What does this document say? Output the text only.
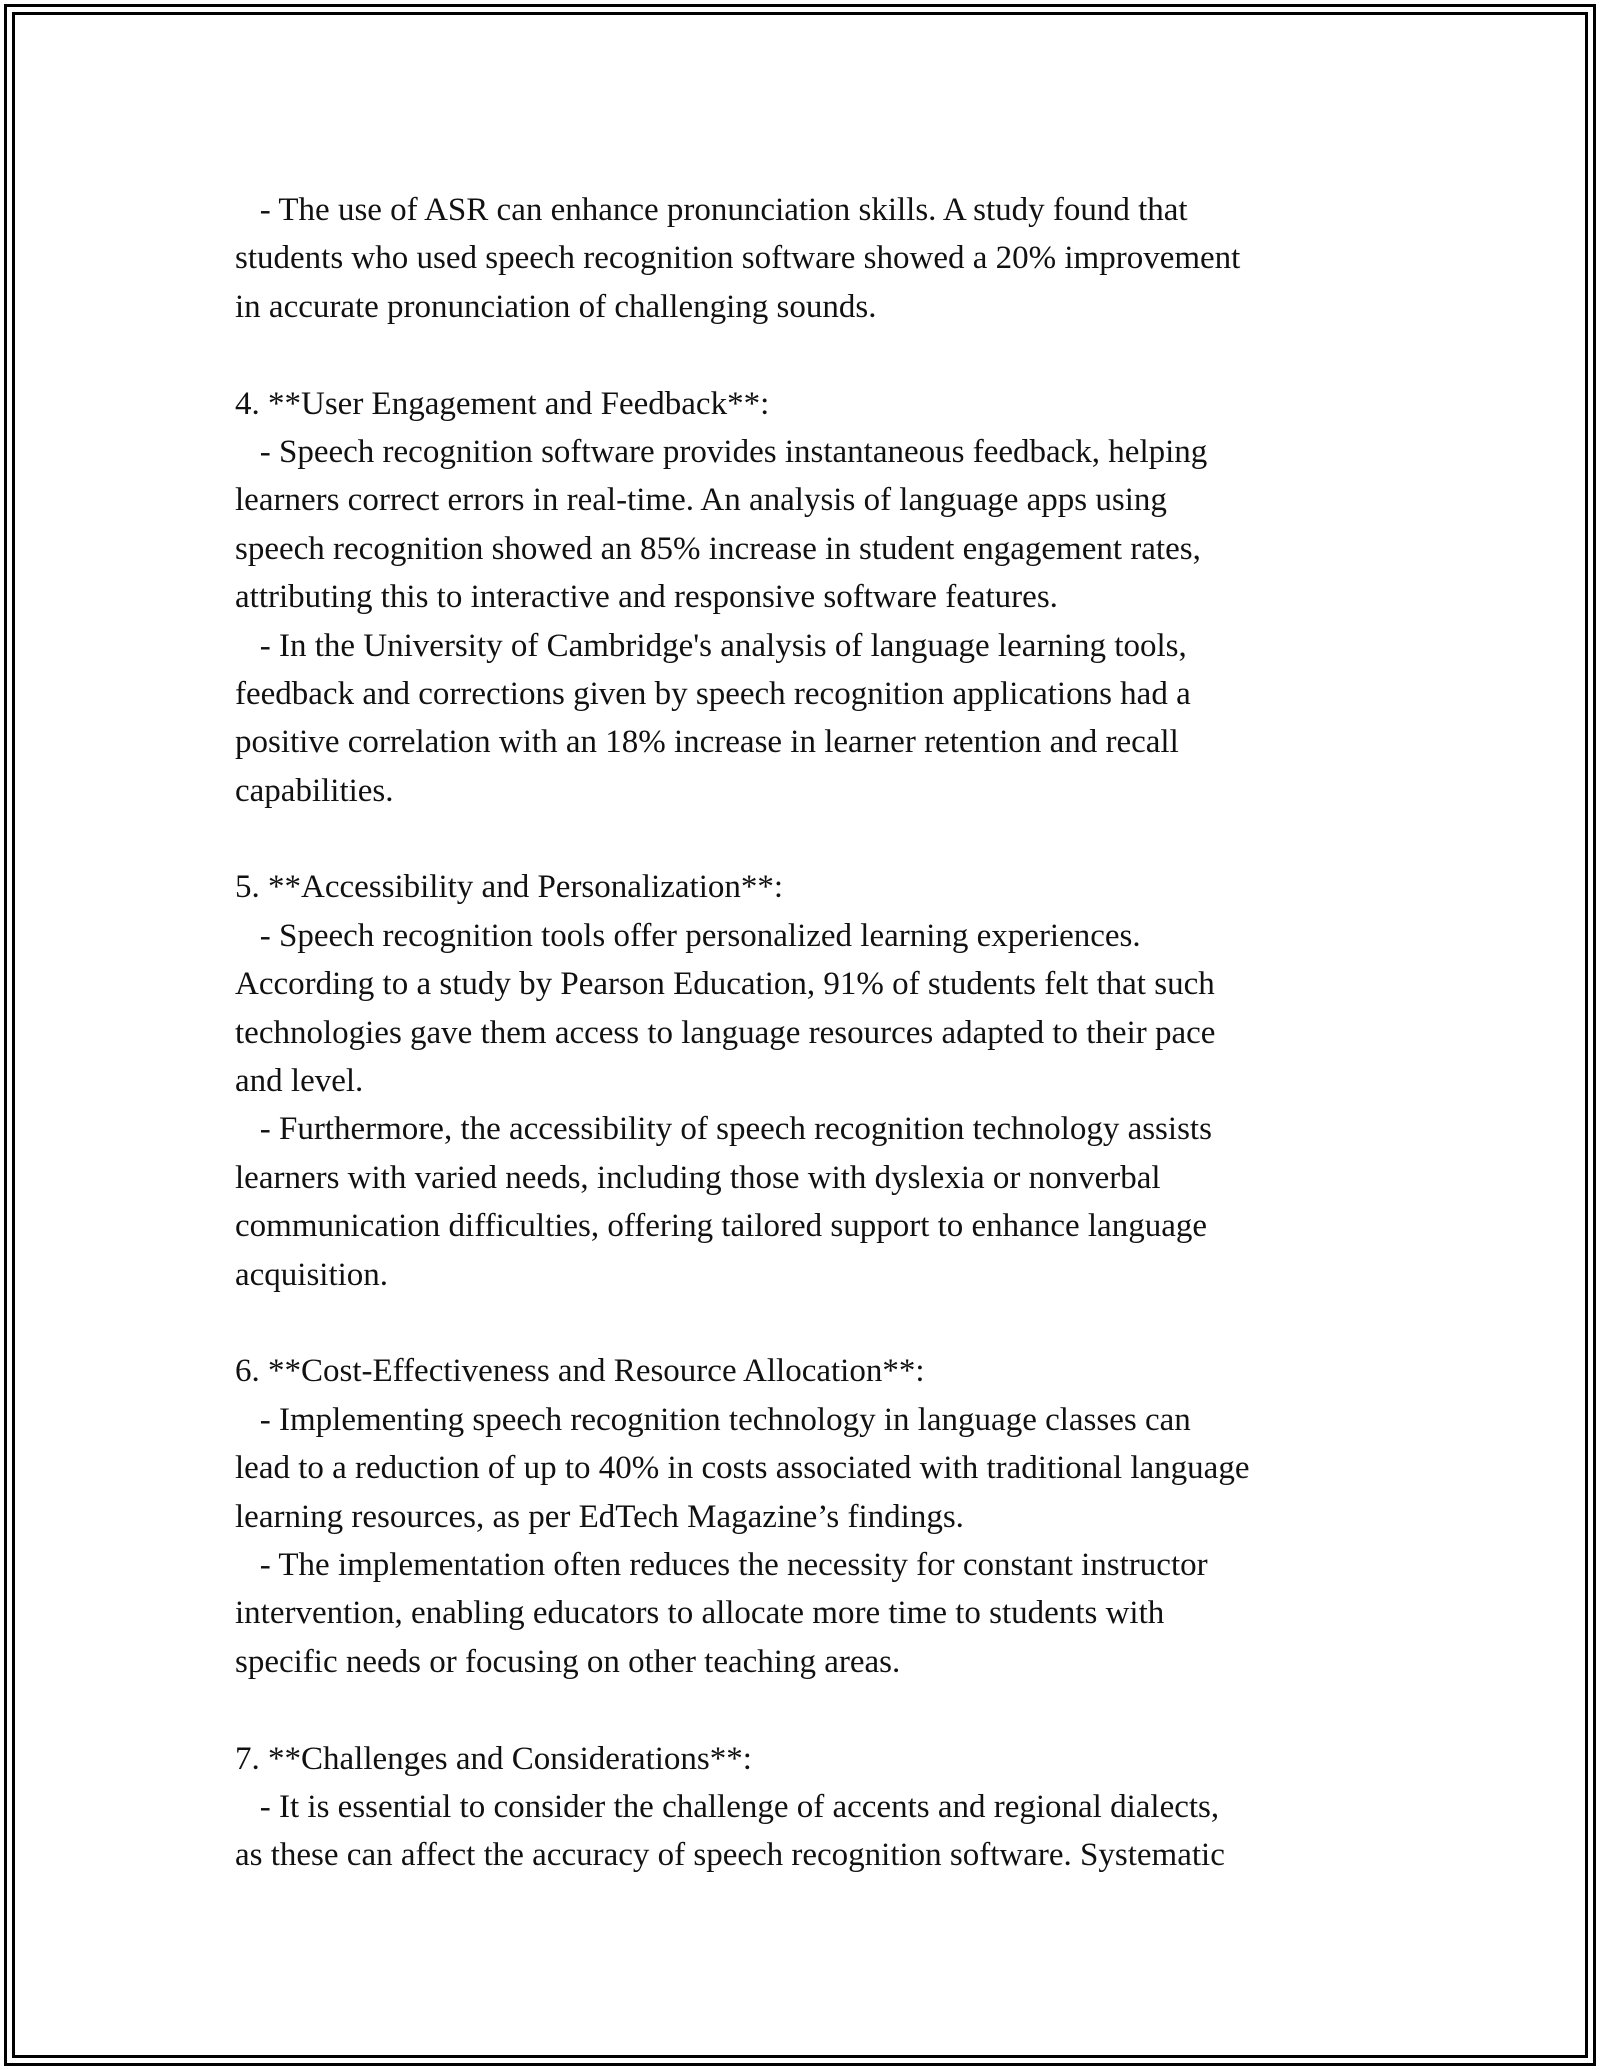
- The use of ASR can enhance pronunciation skills. A study found that
students who used speech recognition software showed a 20% improvement
in accurate pronunciation of challenging sounds.
4. **User Engagement and Feedback**:
- Speech recognition software provides instantaneous feedback, helping
learners correct errors in real-time. An analysis of language apps using
speech recognition showed an 85% increase in student engagement rates,
attributing this to interactive and responsive software features.
- In the University of Cambridge's analysis of language learning tools,
feedback and corrections given by speech recognition applications had a
positive correlation with an 18% increase in learner retention and recall
capabilities.
5. **Accessibility and Personalization**:
- Speech recognition tools offer personalized learning experiences.
According to a study by Pearson Education, 91% of students felt that such
technologies gave them access to language resources adapted to their pace
and level.
- Furthermore, the accessibility of speech recognition technology assists
learners with varied needs, including those with dyslexia or nonverbal
communication difficulties, offering tailored support to enhance language
acquisition.
6. **Cost-Effectiveness and Resource Allocation**:
- Implementing speech recognition technology in language classes can
lead to a reduction of up to 40% in costs associated with traditional language
learning resources, as per EdTech Magazine’s findings.
- The implementation often reduces the necessity for constant instructor
intervention, enabling educators to allocate more time to students with
specific needs or focusing on other teaching areas.
7. **Challenges and Considerations**:
- It is essential to consider the challenge of accents and regional dialects,
as these can affect the accuracy of speech recognition software. Systematic
